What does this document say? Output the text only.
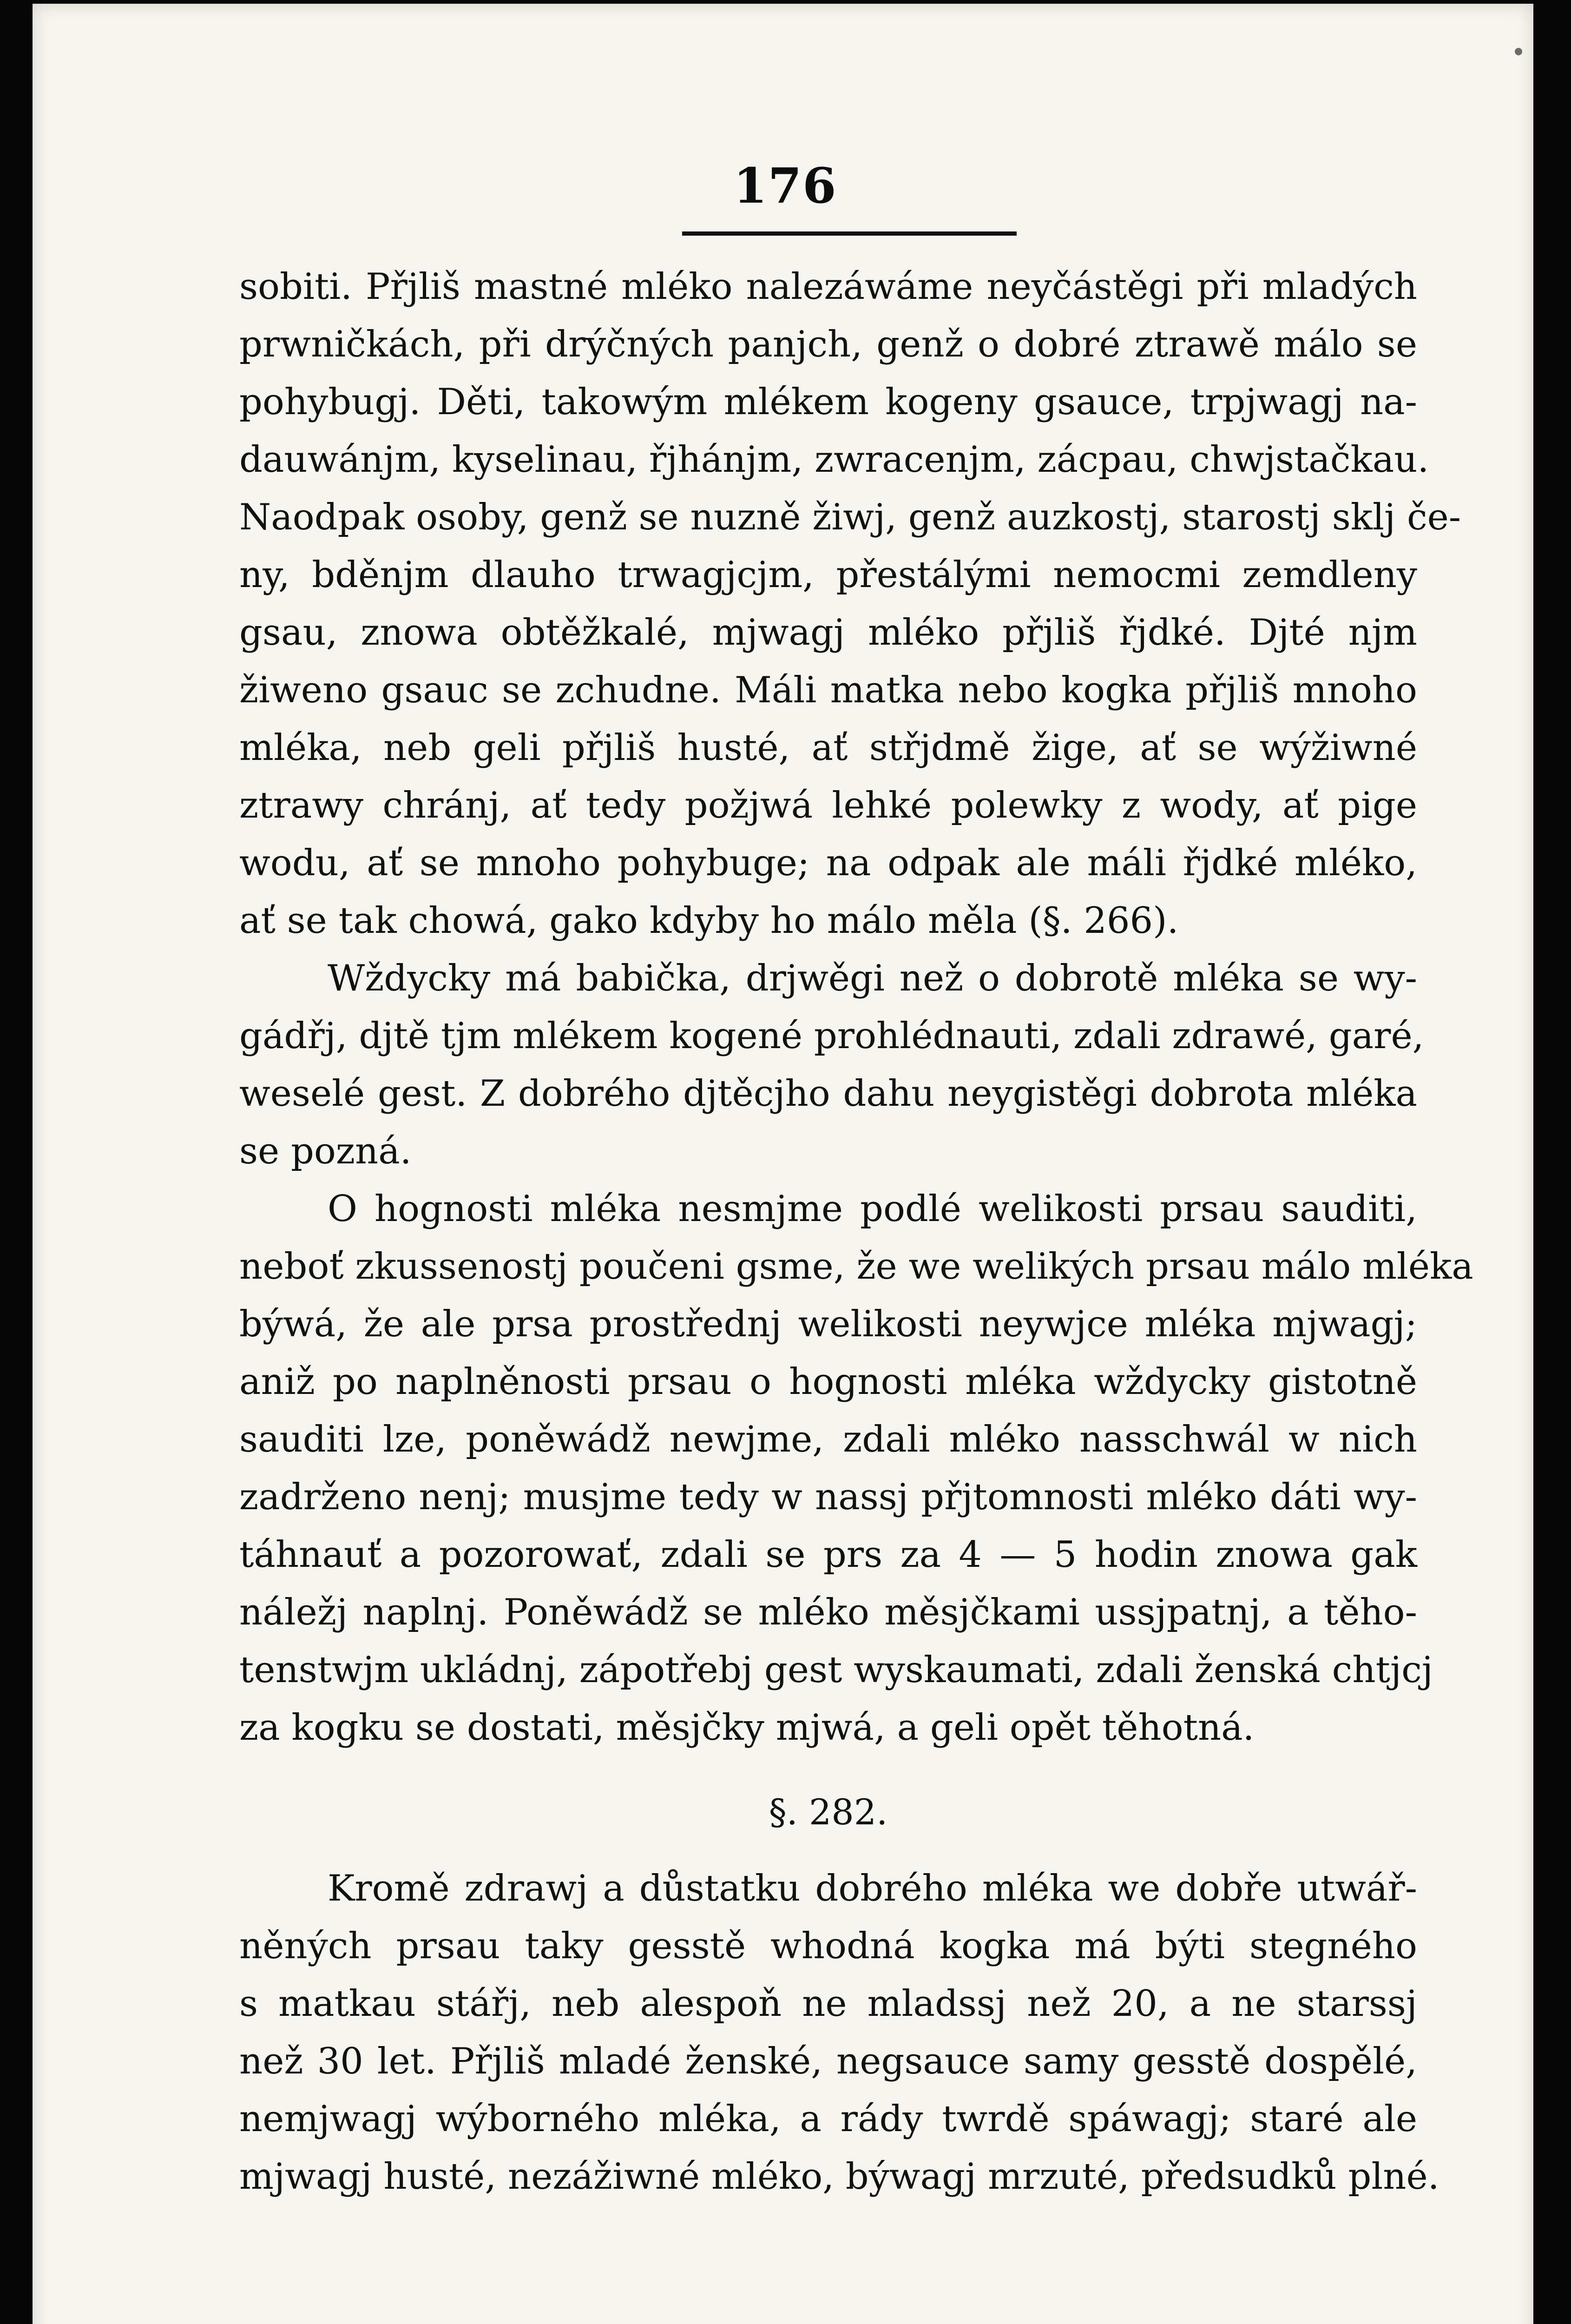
176
sobiti. Přjliš mastné mléko nalezáwáme neyčástěgi při mladých
prwničkách, při drýčných panjch, genž o dobré ztrawě málo se
pohybugj. Děti, takowým mlékem kogeny gsauce, trpjwagj na-
dauwánjm, kyselinau, řjhánjm, zwracenjm, zácpau, chwjstačkau.
Naodpak osoby, genž se nuzně žiwj, genž auzkostj, starostj sklj če-
ny, bděnjm dlauho trwagjcjm, přestálými nemocmi zemdleny
gsau, znowa obtěžkalé, mjwagj mléko přjliš řjdké. Djté njm
žiweno gsauc se zchudne. Máli matka nebo kogka přjliš mnoho
mléka, neb geli přjliš husté, ať střjdmě žige, ať se wýžiwné
ztrawy chránj, ať tedy požjwá lehké polewky z wody, ať pige
wodu, ať se mnoho pohybuge; na odpak ale máli řjdké mléko,
ať se tak chowá, gako kdyby ho málo měla (§. 266).
Wždycky má babička, drjwěgi než o dobrotě mléka se wy-
gádřj, djtě tjm mlékem kogené prohlédnauti, zdali zdrawé, garé,
weselé gest. Z dobrého djtěcjho dahu neygistěgi dobrota mléka
se pozná.
O hognosti mléka nesmjme podlé welikosti prsau sauditi,
neboť zkussenostj poučeni gsme, že we welikých prsau málo mléka
býwá, že ale prsa prostřednj welikosti neywjce mléka mjwagj;
aniž po naplněnosti prsau o hognosti mléka wždycky gistotně
sauditi lze, poněwádž newjme, zdali mléko nasschwál w nich
zadrženo nenj; musjme tedy w nassj přjtomnosti mléko dáti wy-
táhnauť a pozorowať, zdali se prs za 4 — 5 hodin znowa gak
náležj naplnj. Poněwádž se mléko měsjčkami ussjpatnj, a těho-
tenstwjm ukládnj, zápotřebj gest wyskaumati, zdali ženská chtjcj
za kogku se dostati, měsjčky mjwá, a geli opět těhotná.
§. 282.
Kromě zdrawj a důstatku dobrého mléka we dobře utwář-
něných prsau taky gesstě whodná kogka má býti stegného
s matkau stářj, neb alespoň ne mladssj než 20, a ne starssj
než 30 let. Přjliš mladé ženské, negsauce samy gesstě dospělé,
nemjwagj wýborného mléka, a rády twrdě spáwagj; staré ale
mjwagj husté, nezážiwné mléko, býwagj mrzuté, předsudků plné.
